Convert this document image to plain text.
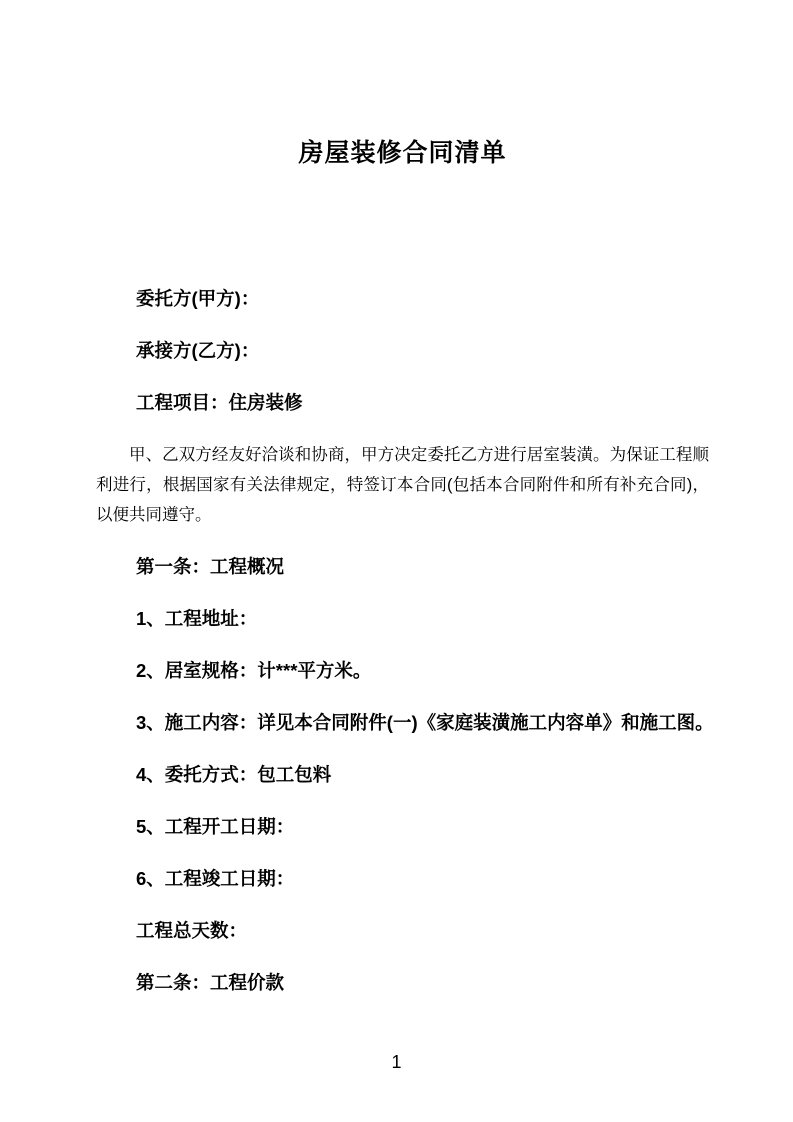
房屋装修合同清单
委托方(甲方)：
承接方(乙方)：
工程项目：住房装修
甲、乙双方经友好洽谈和协商，甲方决定委托乙方进行居室装潢。为保证工程顺利进行，根据国家有关法律规定，特签订本合同(包括本合同附件和所有补充合同)，以便共同遵守。
第一条：工程概况
1、工程地址：
2、居室规格：计***平方米。
3、施工内容：详见本合同附件(一)《家庭装潢施工内容单》和施工图。
4、委托方式：包工包料
5、工程开工日期：
6、工程竣工日期：
工程总天数：
第二条：工程价款
1
